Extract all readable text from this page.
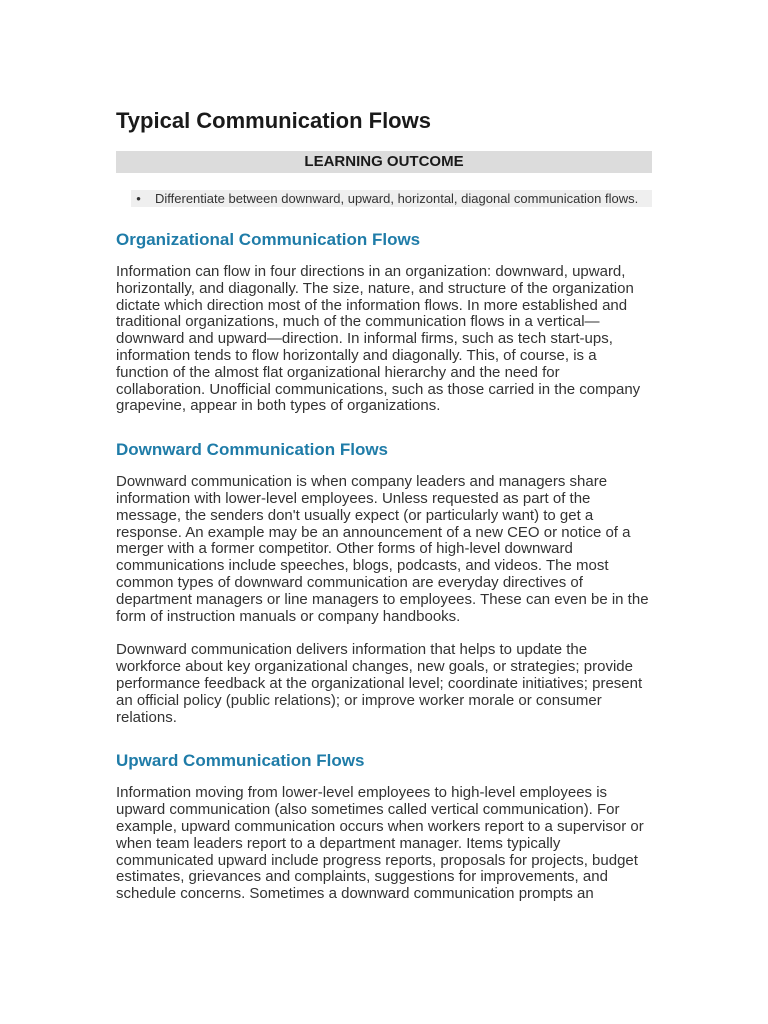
Typical Communication Flows
LEARNING OUTCOME
•	Differentiate between downward, upward, horizontal, diagonal communication flows.
Organizational Communication Flows

Information can flow in four directions in an organization: downward, upward, horizontally, and diagonally. The size, nature, and structure of the organization dictate which direction most of the information flows. In more established and traditional organizations, much of the communication flows in a vertical—downward and upward—direction. In informal firms, such as tech start-ups, information tends to flow horizontally and diagonally. This, of course, is a function of the almost flat organizational hierarchy and the need for collaboration. Unofficial communications, such as those carried in the company grapevine, appear in both types of organizations.

Downward Communication Flows

Downward communication is when company leaders and managers share information with lower-level employees. Unless requested as part of the message, the senders don't usually expect (or particularly want) to get a response. An example may be an announcement of a new CEO or notice of a merger with a former competitor. Other forms of high-level downward communications include speeches, blogs, podcasts, and videos. The most common types of downward communication are everyday directives of department managers or line managers to employees. These can even be in the form of instruction manuals or company handbooks.

Downward communication delivers information that helps to update the workforce about key organizational changes, new goals, or strategies; provide performance feedback at the organizational level; coordinate initiatives; present an official policy (public relations); or improve worker morale or consumer relations.

Upward Communication Flows

Information moving from lower-level employees to high-level employees is upward communication (also sometimes called vertical communication). For example, upward communication occurs when workers report to a supervisor or when team leaders report to a department manager. Items typically communicated upward include progress reports, proposals for projects, budget estimates, grievances and complaints, suggestions for improvements, and schedule concerns. Sometimes a downward communication prompts an
